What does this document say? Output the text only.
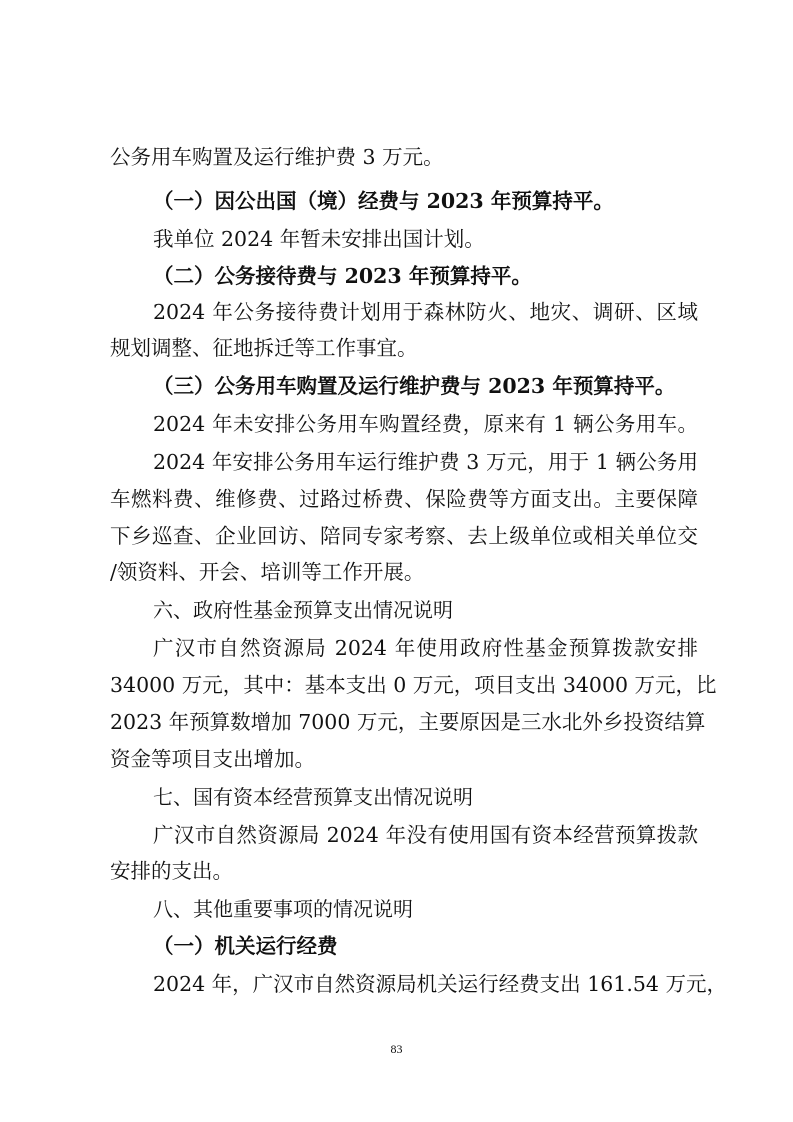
公务用车购置及运行维护费 3 万元。
（一）因公出国（境）经费与 2023 年预算持平。
我单位 2024 年暂未安排出国计划。
（二）公务接待费与 2023 年预算持平。
2024 年公务接待费计划用于森林防火、地灾、调研、区域
规划调整、征地拆迁等工作事宜。
（三）公务用车购置及运行维护费与 2023 年预算持平。
2024 年未安排公务用车购置经费，原来有 1 辆公务用车。
2024 年安排公务用车运行维护费 3 万元，用于 1 辆公务用
车燃料费、维修费、过路过桥费、保险费等方面支出。主要保障
下乡巡查、企业回访、陪同专家考察、去上级单位或相关单位交
/领资料、开会、培训等工作开展。
六、政府性基金预算支出情况说明
广汉市自然资源局 2024 年使用政府性基金预算拨款安排
34000 万元，其中：基本支出 0 万元，项目支出 34000 万元，比
2023 年预算数增加 7000 万元，主要原因是三水北外乡投资结算
资金等项目支出增加。
七、国有资本经营预算支出情况说明
广汉市自然资源局 2024 年没有使用国有资本经营预算拨款
安排的支出。
八、其他重要事项的情况说明
（一）机关运行经费
2024 年，广汉市自然资源局机关运行经费支出 161.54 万元，
83
